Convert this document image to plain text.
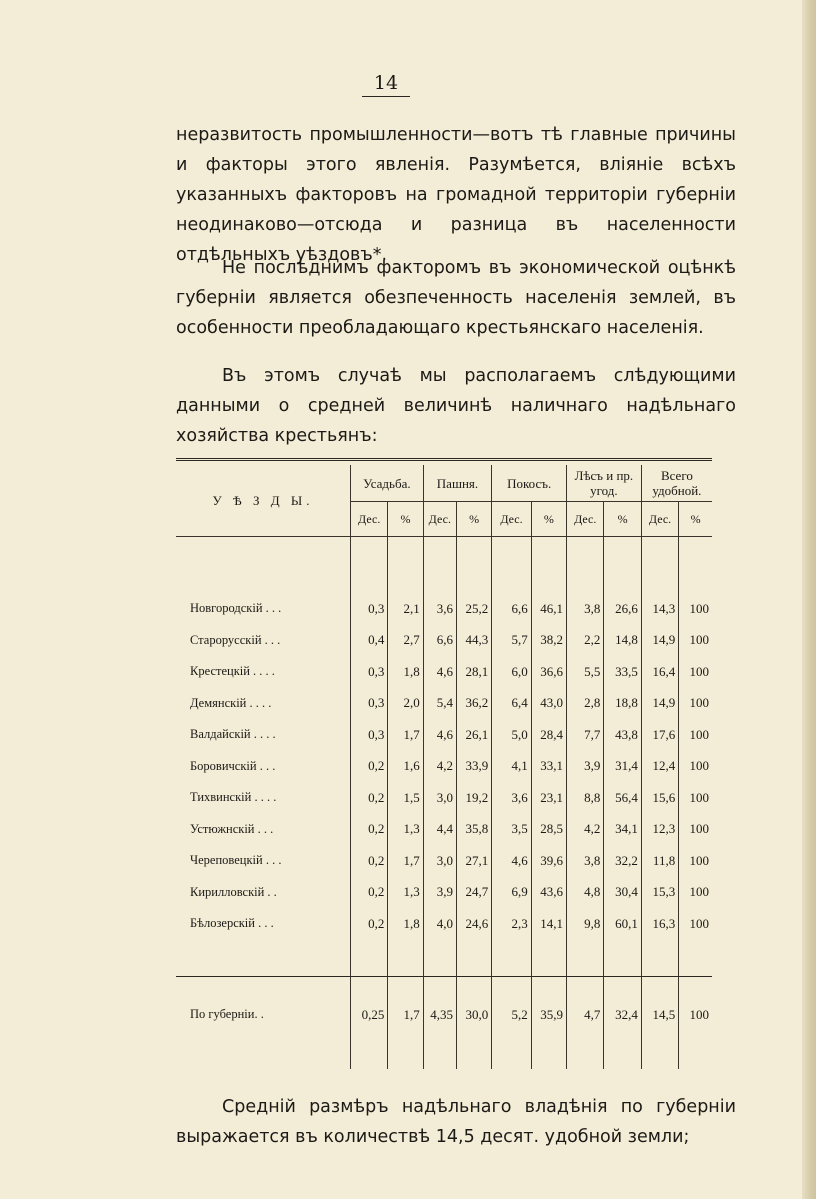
14

неразвитость промышленности—вотъ тѣ главные причины и факторы этого явленія. Разумѣется, вліяніе всѣхъ указанныхъ факторовъ на громадной территоріи губерніи неодинаково—отсюда и разница въ населенности отдѣльныхъ уѣздовъ*.

Не послѣднимъ факторомъ въ экономической оцѣнкѣ губерніи является обезпеченность населенія землей, въ особенности преобладающаго крестьянскаго населенія.

Въ этомъ случаѣ мы располагаемъ слѣдующими данными о средней величинѣ наличнаго надѣльнаго хозяйства крестьянъ:

У Ѣ З Д Ы.	Усадьба.		Пашня.		Покосъ.		Лѣсъ и пр. угод.		Всего удобной.	
	Дес.	%	Дес.	%	Дес.	%	Дес.	%	Дес.	%

Новгородскій . . .	0,3	2,1	3,6	25,2	6,6	46,1	3,8	26,6	14,3	100
Старорусскій . . .	0,4	2,7	6,6	44,3	5,7	38,2	2,2	14,8	14,9	100
Крестецкій . . . .	0,3	1,8	4,6	28,1	6,0	36,6	5,5	33,5	16,4	100
Демянскій . . . .	0,3	2,0	5,4	36,2	6,4	43,0	2,8	18,8	14,9	100
Валдайскій . . . .	0,3	1,7	4,6	26,1	5,0	28,4	7,7	43,8	17,6	100
Боровичскій . . .	0,2	1,6	4,2	33,9	4,1	33,1	3,9	31,4	12,4	100
Тихвинскій . . . .	0,2	1,5	3,0	19,2	3,6	23,1	8,8	56,4	15,6	100
Устюжнскій . . .	0,2	1,3	4,4	35,8	3,5	28,5	4,2	34,1	12,3	100
Череповецкій . . .	0,2	1,7	3,0	27,1	4,6	39,6	3,8	32,2	11,8	100
Кирилловскій . .	0,2	1,3	3,9	24,7	6,9	43,6	4,8	30,4	15,3	100
Бѣлозерскій . . .	0,2	1,8	4,0	24,6	2,3	14,1	9,8	60,1	16,3	100

По губерніи. .	0,25	1,7	4,35	30,0	5,2	35,9	4,7	32,4	14,5	100

Средній размѣръ надѣльнаго владѣнія по губерніи выражается въ количествѣ 14,5 десят. удобной земли;
